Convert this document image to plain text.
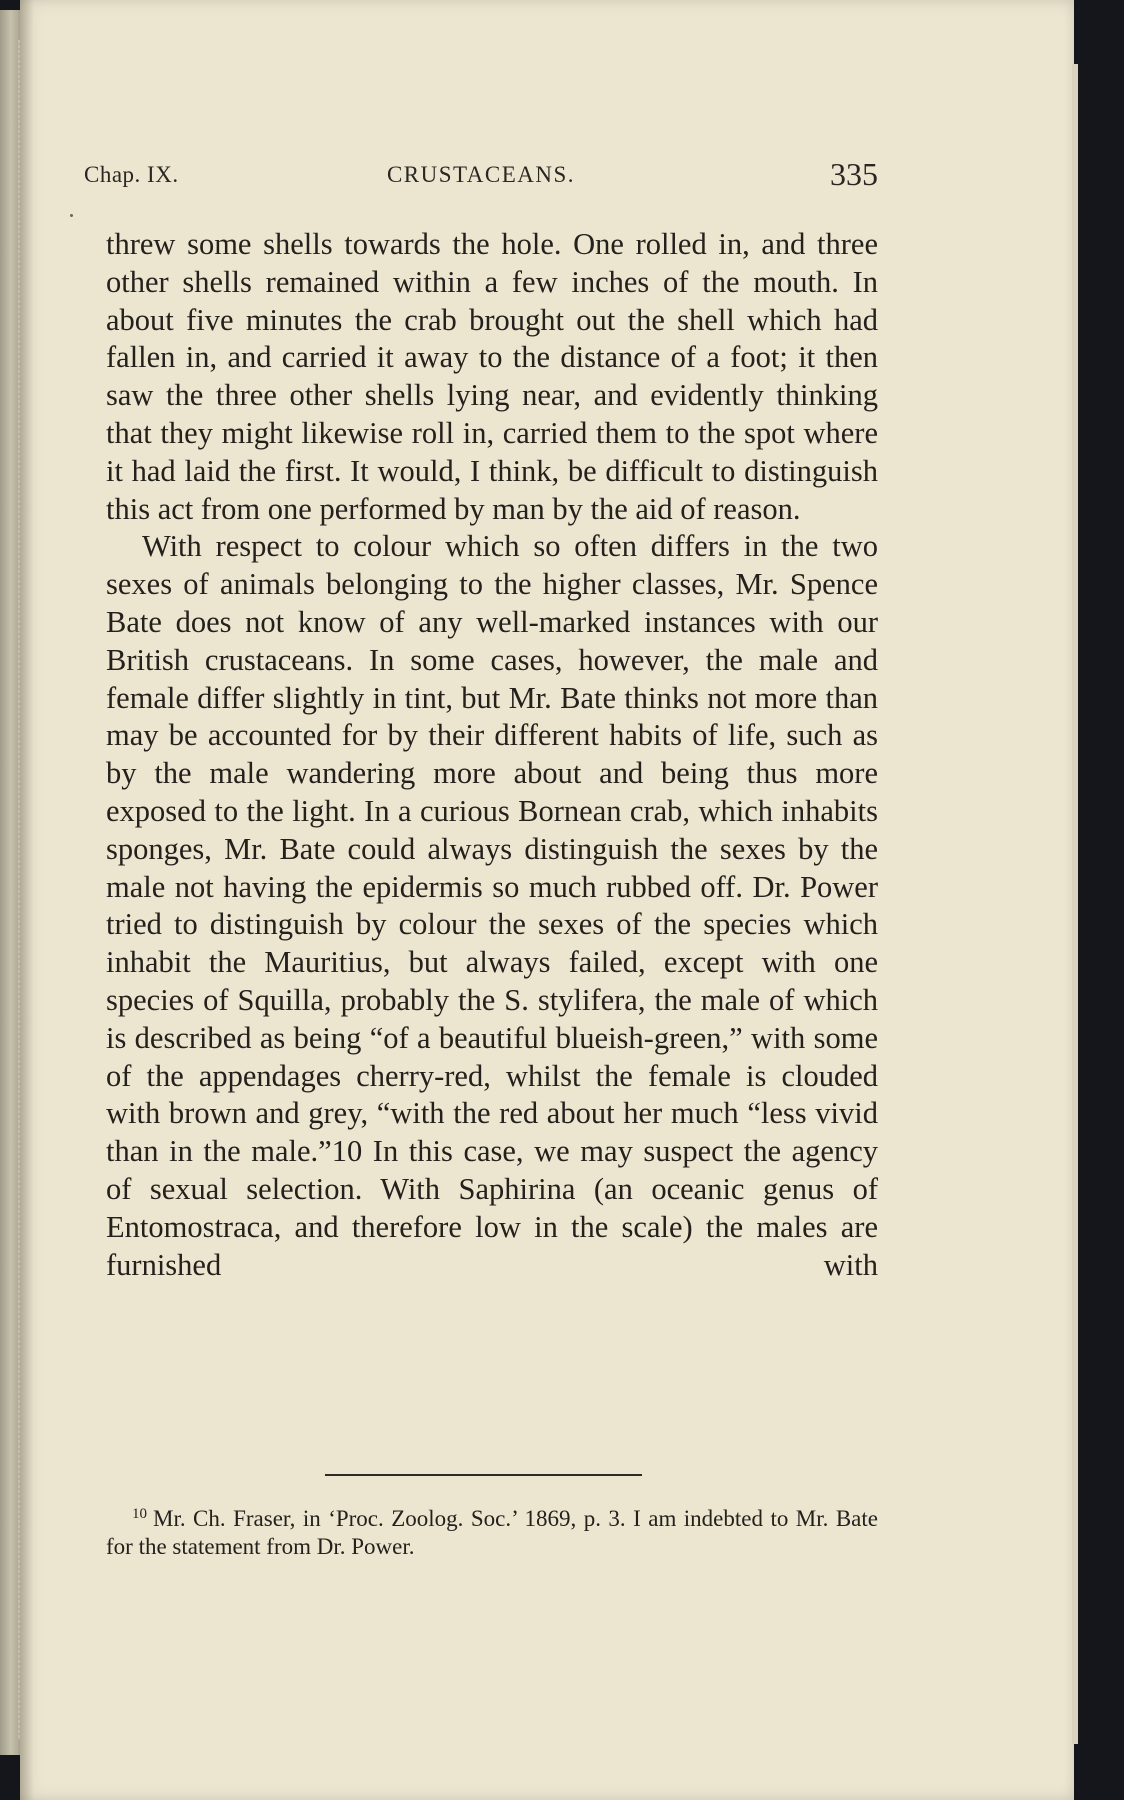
Chap. IX.	CRUSTACEANS.	335

threw some shells towards the hole. One rolled in, and three other shells remained within a few inches of the mouth. In about five minutes the crab brought out the shell which had fallen in, and carried it away to the distance of a foot; it then saw the three other shells lying near, and evidently thinking that they might likewise roll in, carried them to the spot where it had laid the first. It would, I think, be difficult to distinguish this act from one performed by man by the aid of reason.

With respect to colour which so often differs in the two sexes of animals belonging to the higher classes, Mr. Spence Bate does not know of any well-marked instances with our British crustaceans. In some cases, however, the male and female differ slightly in tint, but Mr. Bate thinks not more than may be accounted for by their different habits of life, such as by the male wandering more about and being thus more exposed to the light. In a curious Bornean crab, which inhabits sponges, Mr. Bate could always distinguish the sexes by the male not having the epidermis so much rubbed off. Dr. Power tried to distinguish by colour the sexes of the species which inhabit the Mauritius, but always failed, except with one species of Squilla, probably the S. stylifera, the male of which is described as being “of a beautiful blueish-green,” with some of the appendages cherry-red, whilst the female is clouded with brown and grey, “with the red about her much “less vivid than in the male.”10 In this case, we may suspect the agency of sexual selection. With Saphirina (an oceanic genus of Entomostraca, and therefore low in the scale) the males are furnished with

$^{10}$ Mr. Ch. Fraser, in ‘Proc. Zoolog. Soc.’ 1869, p. 3. I am indebted to Mr. Bate for the statement from Dr. Power.
